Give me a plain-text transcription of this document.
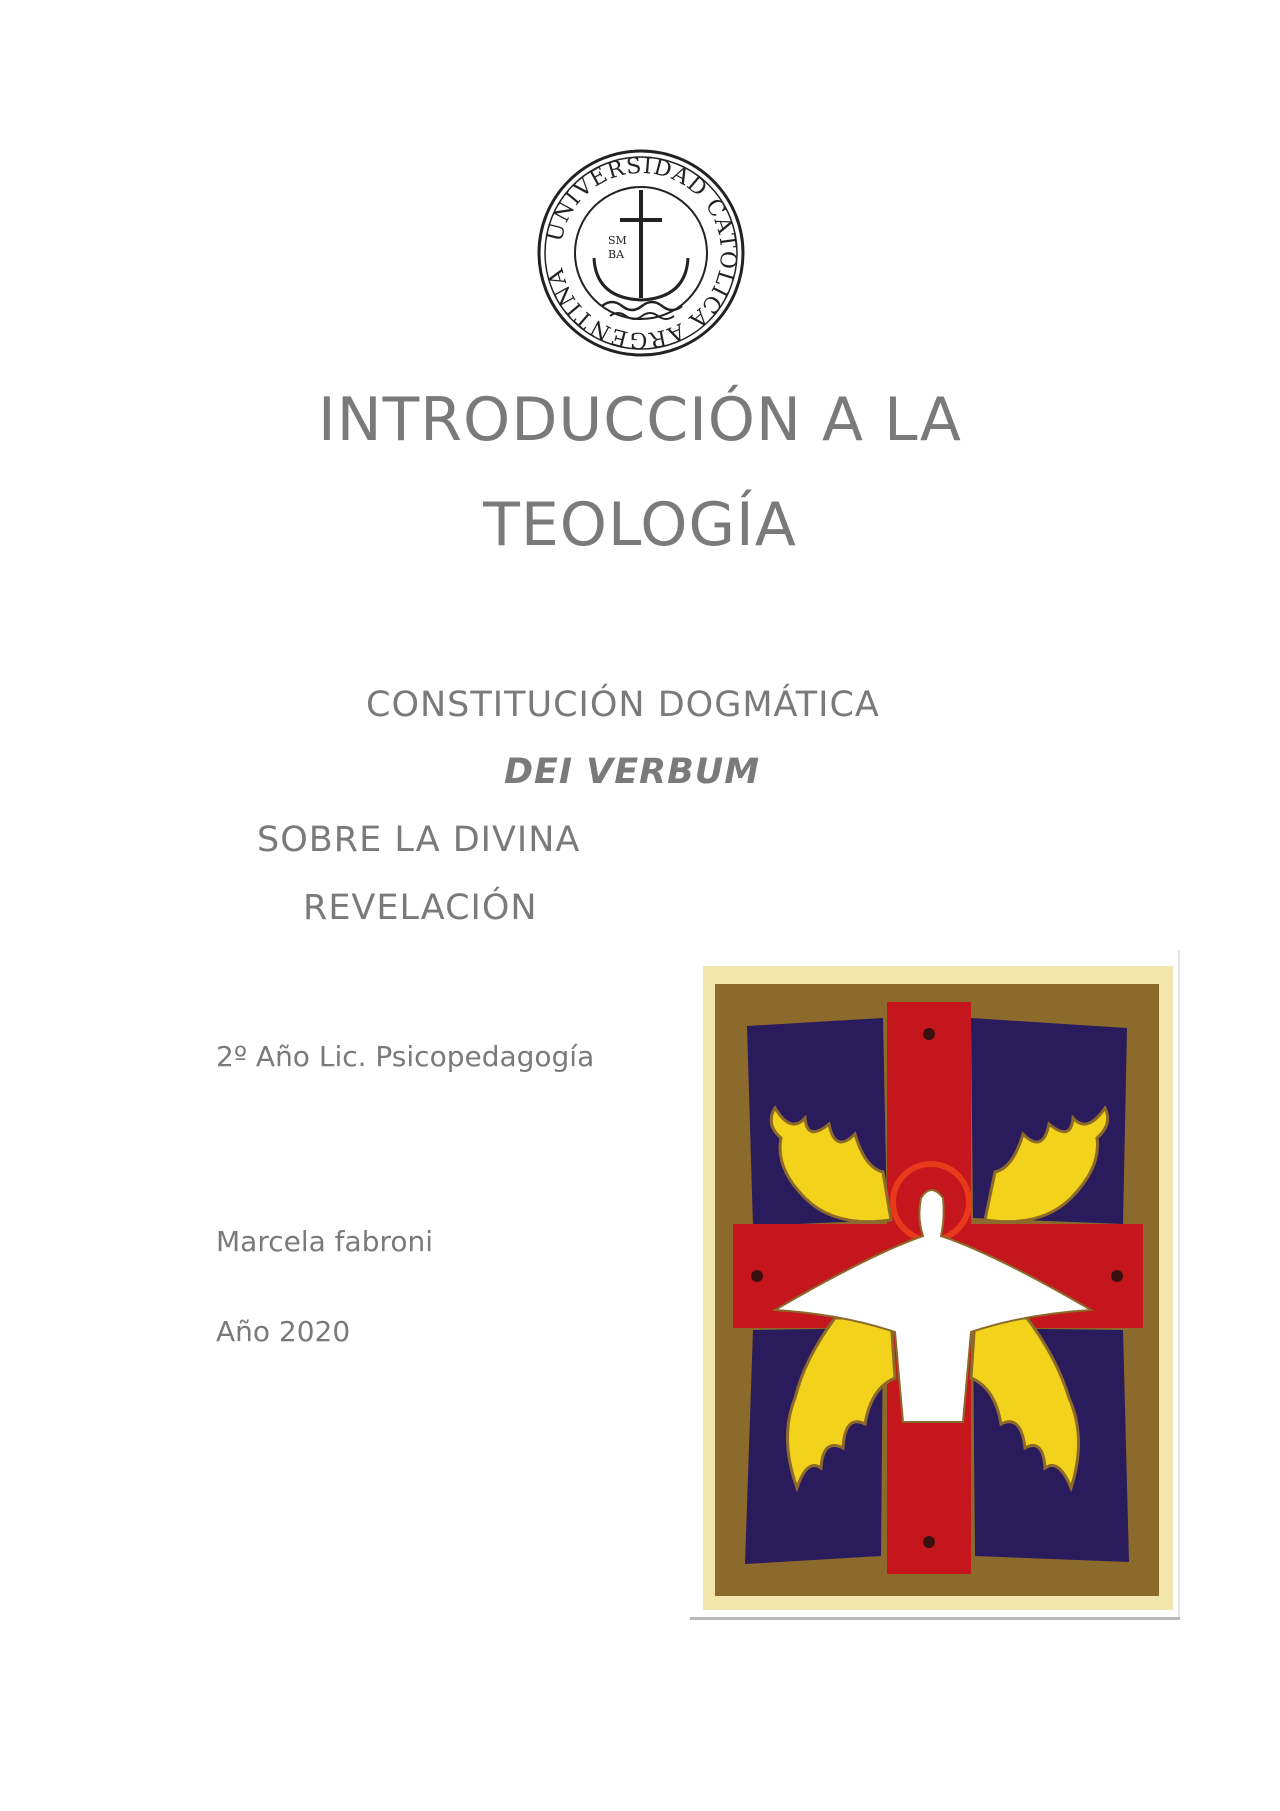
UNIVERSIDAD CATOLICA ARGENTINA
SM
BA
INTRODUCCIÓN A LA
TEOLOGÍA
CONSTITUCIÓN DOGMÁTICA
DEI VERBUM
SOBRE LA DIVINA
REVELACIÓN
2º Año Lic. Psicopedagogía
Marcela fabroni
Año 2020
